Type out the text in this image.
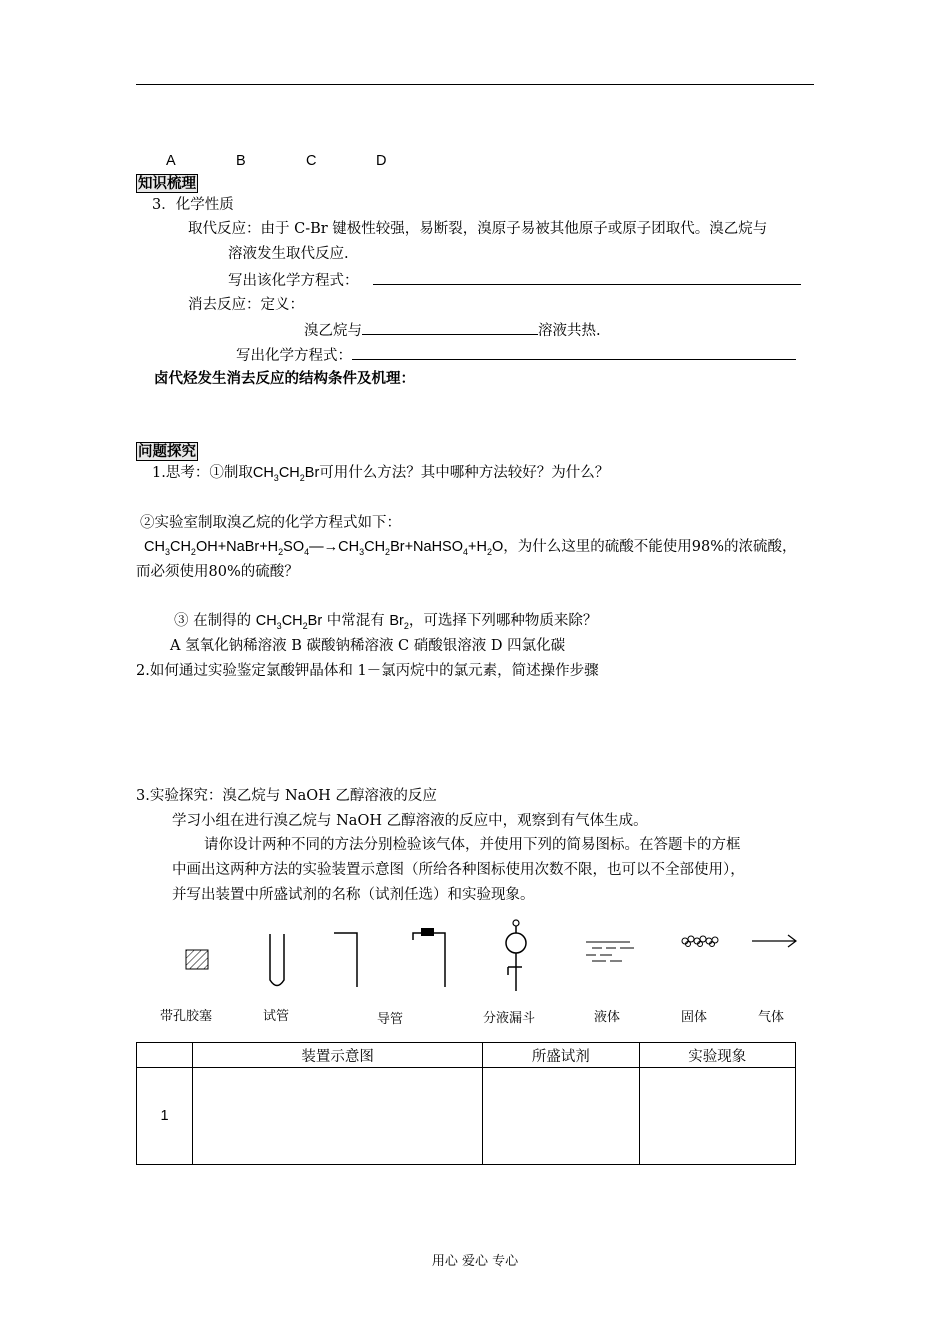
A	B	C	D
知识梳理
3．化学性质
取代反应：由于 C-Br 键极性较强，易断裂，溴原子易被其他原子或原子团取代。溴乙烷与
溶液发生取代反应.
写出该化学方程式：
消去反应：定义：
溴乙烷与	溶液共热.
写出化学方程式：
卤代烃发生消去反应的结构条件及机理：
问题探究
1.思考：①制取$CH_3CH_2Br$可用什么方法？其中哪种方法较好？为什么？
②实验室制取溴乙烷的化学方程式如下：
$CH_3CH_2OH+NaBr+H_2SO_4―\to CH_3CH_2Br+NaHSO_4+H_2O$，为什么这里的硫酸不能使用98%的浓硫酸，
而必须使用80%的硫酸？
③ 在制得的 $CH_3CH_2Br$ 中常混有 $Br_2$，可选择下列哪种物质来除？
A 氢氧化钠稀溶液 B 碳酸钠稀溶液 C 硝酸银溶液 D 四氯化碳
2.如何通过实验鉴定氯酸钾晶体和 1－氯丙烷中的氯元素，简述操作步骤
3.实验探究：溴乙烷与 NaOH 乙醇溶液的反应
学习小组在进行溴乙烷与 NaOH 乙醇溶液的反应中，观察到有气体生成。
请你设计两种不同的方法分别检验该气体，并使用下列的简易图标。在答题卡的方框
中画出这两种方法的实验装置示意图（所给各种图标使用次数不限，也可以不全部使用），
并写出装置中所盛试剂的名称（试剂任选）和实验现象。
带孔胶塞	试管	导管	分液漏斗	液体	固体	气体
	装置示意图	所盛试剂	实验现象
1			
用心 爱心 专心
